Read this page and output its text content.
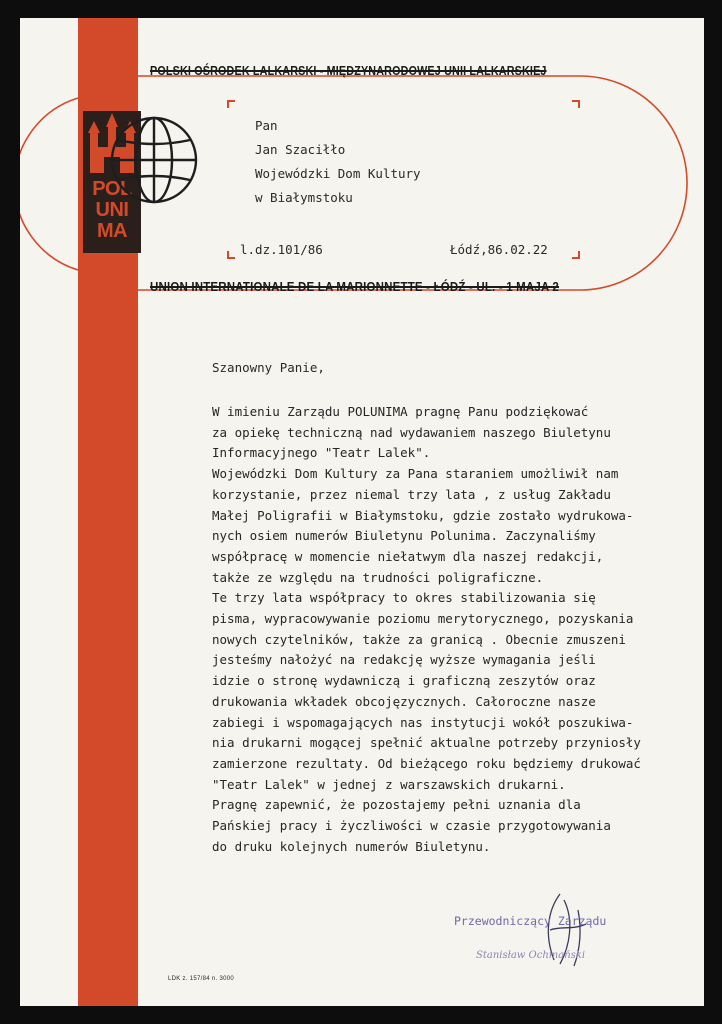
POLSKI OŚRODEK LALKARSKI - MIĘDZYNARODOWEJ UNII LALKARSKIEJ
POL
UNI
MA
Pan
Jan Szaciłło
Wojewódzki Dom Kultury
w Białymstoku
l.dz.101/86	Łódź,86.02.22
UNION INTERNATIONALE DE LA MARIONNETTE - ŁÓDŹ - UL. - 1 MAJA 2
Szanowny Panie,
W imieniu Zarządu POLUNIMA pragnę Panu podziękować
za opiekę techniczną nad wydawaniem naszego Biuletynu
Informacyjnego "Teatr Lalek".
Wojewódzki Dom Kultury za Pana staraniem umożliwił nam
korzystanie, przez niemal trzy lata , z usług Zakładu
Małej Poligrafii w Białymstoku, gdzie zostało wydrukowa-
nych osiem numerów Biuletynu Polunima. Zaczynaliśmy
współpracę w momencie niełatwym dla naszej redakcji,
także ze względu na trudności poligraficzne.
Te trzy lata współpracy to okres stabilizowania się
pisma, wypracowywanie poziomu merytorycznego, pozyskania
nowych czytelników, także za granicą . Obecnie zmuszeni
jesteśmy nałożyć na redakcję wyższe wymagania jeśli
idzie o stronę wydawniczą i graficzną zeszytów oraz
drukowania wkładek obcojęzycznych. Całoroczne nasze
zabiegi i wspomagających nas instytucji wokół poszukiwa-
nia drukarni mogącej spełnić aktualne potrzeby przyniosły
zamierzone rezultaty. Od bieżącego roku będziemy drukować
"Teatr Lalek" w jednej z warszawskich drukarni.
Pragnę zapewnić, że pozostajemy pełni uznania dla
Pańskiej pracy i życzliwości w czasie przygotowywania
do druku kolejnych numerów Biuletynu.
Przewodniczący Zarządu
Stanisław Ochmański
LDK z. 157/84 n. 3000
